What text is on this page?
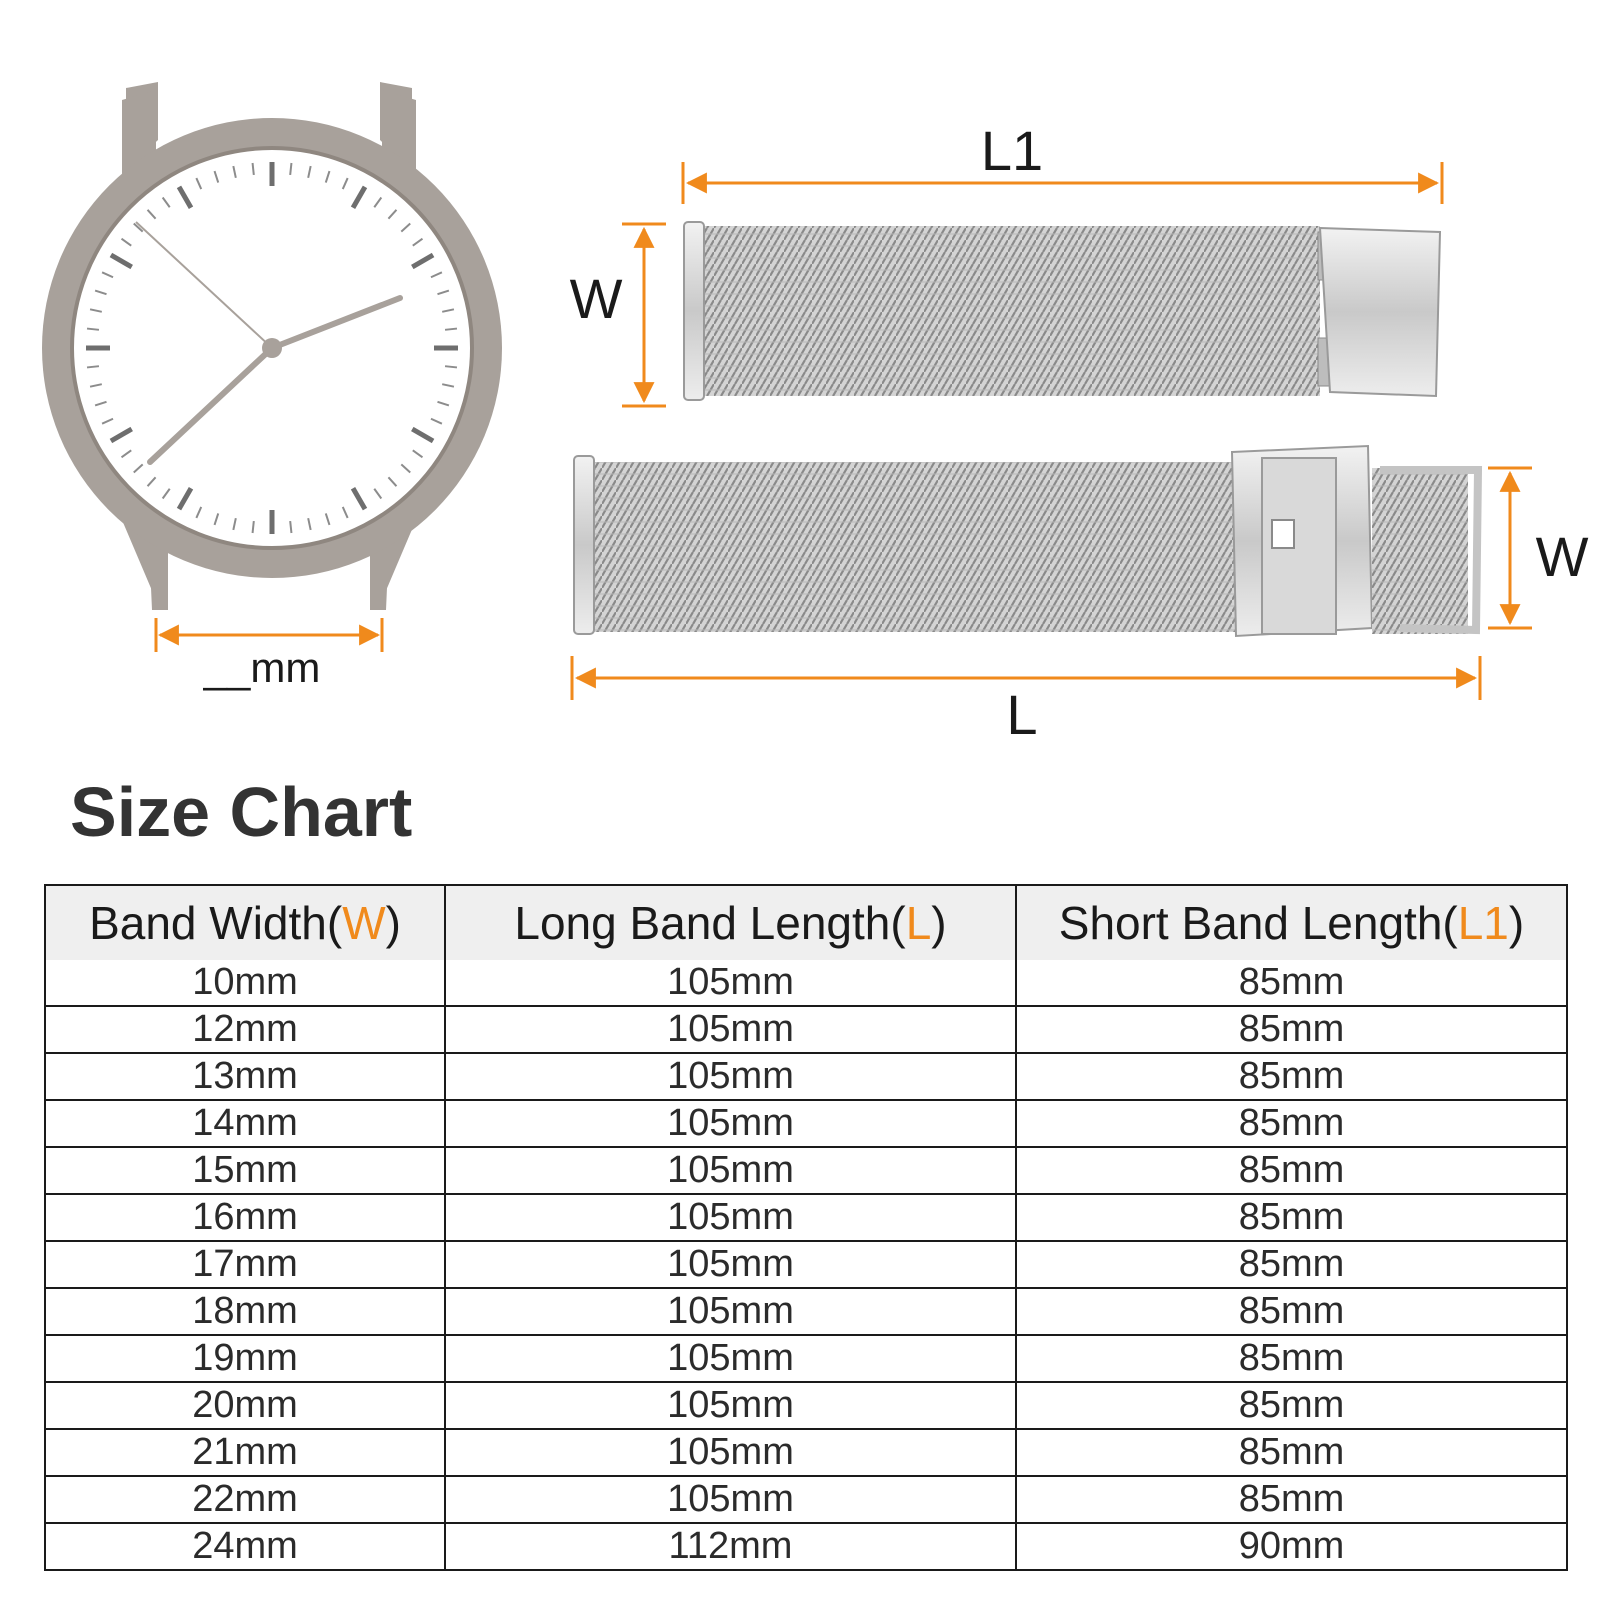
__mm
L1
W
W
L
Size Chart
Band Width(W)	Long Band Length(L)	Short Band Length(L1)
10mm	105mm	85mm
12mm	105mm	85mm
13mm	105mm	85mm
14mm	105mm	85mm
15mm	105mm	85mm
16mm	105mm	85mm
17mm	105mm	85mm
18mm	105mm	85mm
19mm	105mm	85mm
20mm	105mm	85mm
21mm	105mm	85mm
22mm	105mm	85mm
24mm	112mm	90mm
